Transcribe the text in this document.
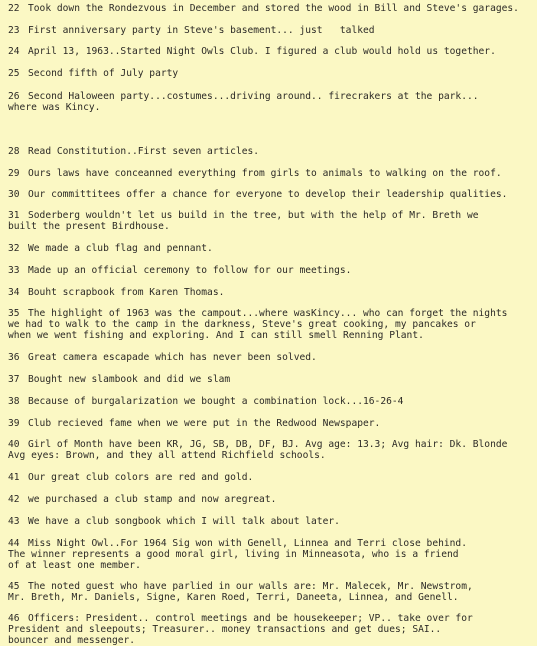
22 Took down the Rondezvous in December and stored the wood in Bill and Steve's garages.
23 First anniversary party in Steve's basement... just   talked
24 April 13, 1963..Started Night Owls Club. I figured a club would hold us together.
25 Second fifth of July party
26 Second Haloween party...costumes...driving around.. firecrakers at the park...
where was Kincy.
28 Read Constitution..First seven articles.
29 Ours laws have conceanned everything from girls to animals to walking on the roof.
30 Our committitees offer a chance for everyone to develop their leadership qualities.
31 Soderberg wouldn't let us build in the tree, but with the help of Mr. Breth we
built the present Birdhouse.
32 We made a club flag and pennant.
33 Made up an official ceremony to follow for our meetings.
34 Bouht scrapbook from Karen Thomas.
35 The highlight of 1963 was the campout...where wasKincy... who can forget the nights
we had to walk to the camp in the darkness, Steve's great cooking, my pancakes or
when we went fishing and exploring. And I can still smell Renning Plant.
36 Great camera escapade which has never been solved.
37 Bought new slambook and did we slam
38 Because of burgalarization we bought a combination lock...16-26-4
39 Club recieved fame when we were put in the Redwood Newspaper.
40 Girl of Month have been KR, JG, SB, DB, DF, BJ. Avg age: 13.3; Avg hair: Dk. Blonde
Avg eyes: Brown, and they all attend Richfield schools.
41 Our great club colors are red and gold.
42 we purchased a club stamp and now aregreat.
43 We have a club songbook which I will talk about later.
44 Miss Night Owl..For 1964 Sig won with Genell, Linnea and Terri close behind.
The winner represents a good moral girl, living in Minneasota, who is a friend
of at least one member.
45 The noted guest who have parlied in our walls are: Mr. Malecek, Mr. Newstrom,
Mr. Breth, Mr. Daniels, Signe, Karen Roed, Terri, Daneeta, Linnea, and Genell.
46 Officers: President.. control meetings and be housekeeper; VP.. take over for
President and sleepouts; Treasurer.. money transactions and get dues; SAI..
bouncer and messenger.
